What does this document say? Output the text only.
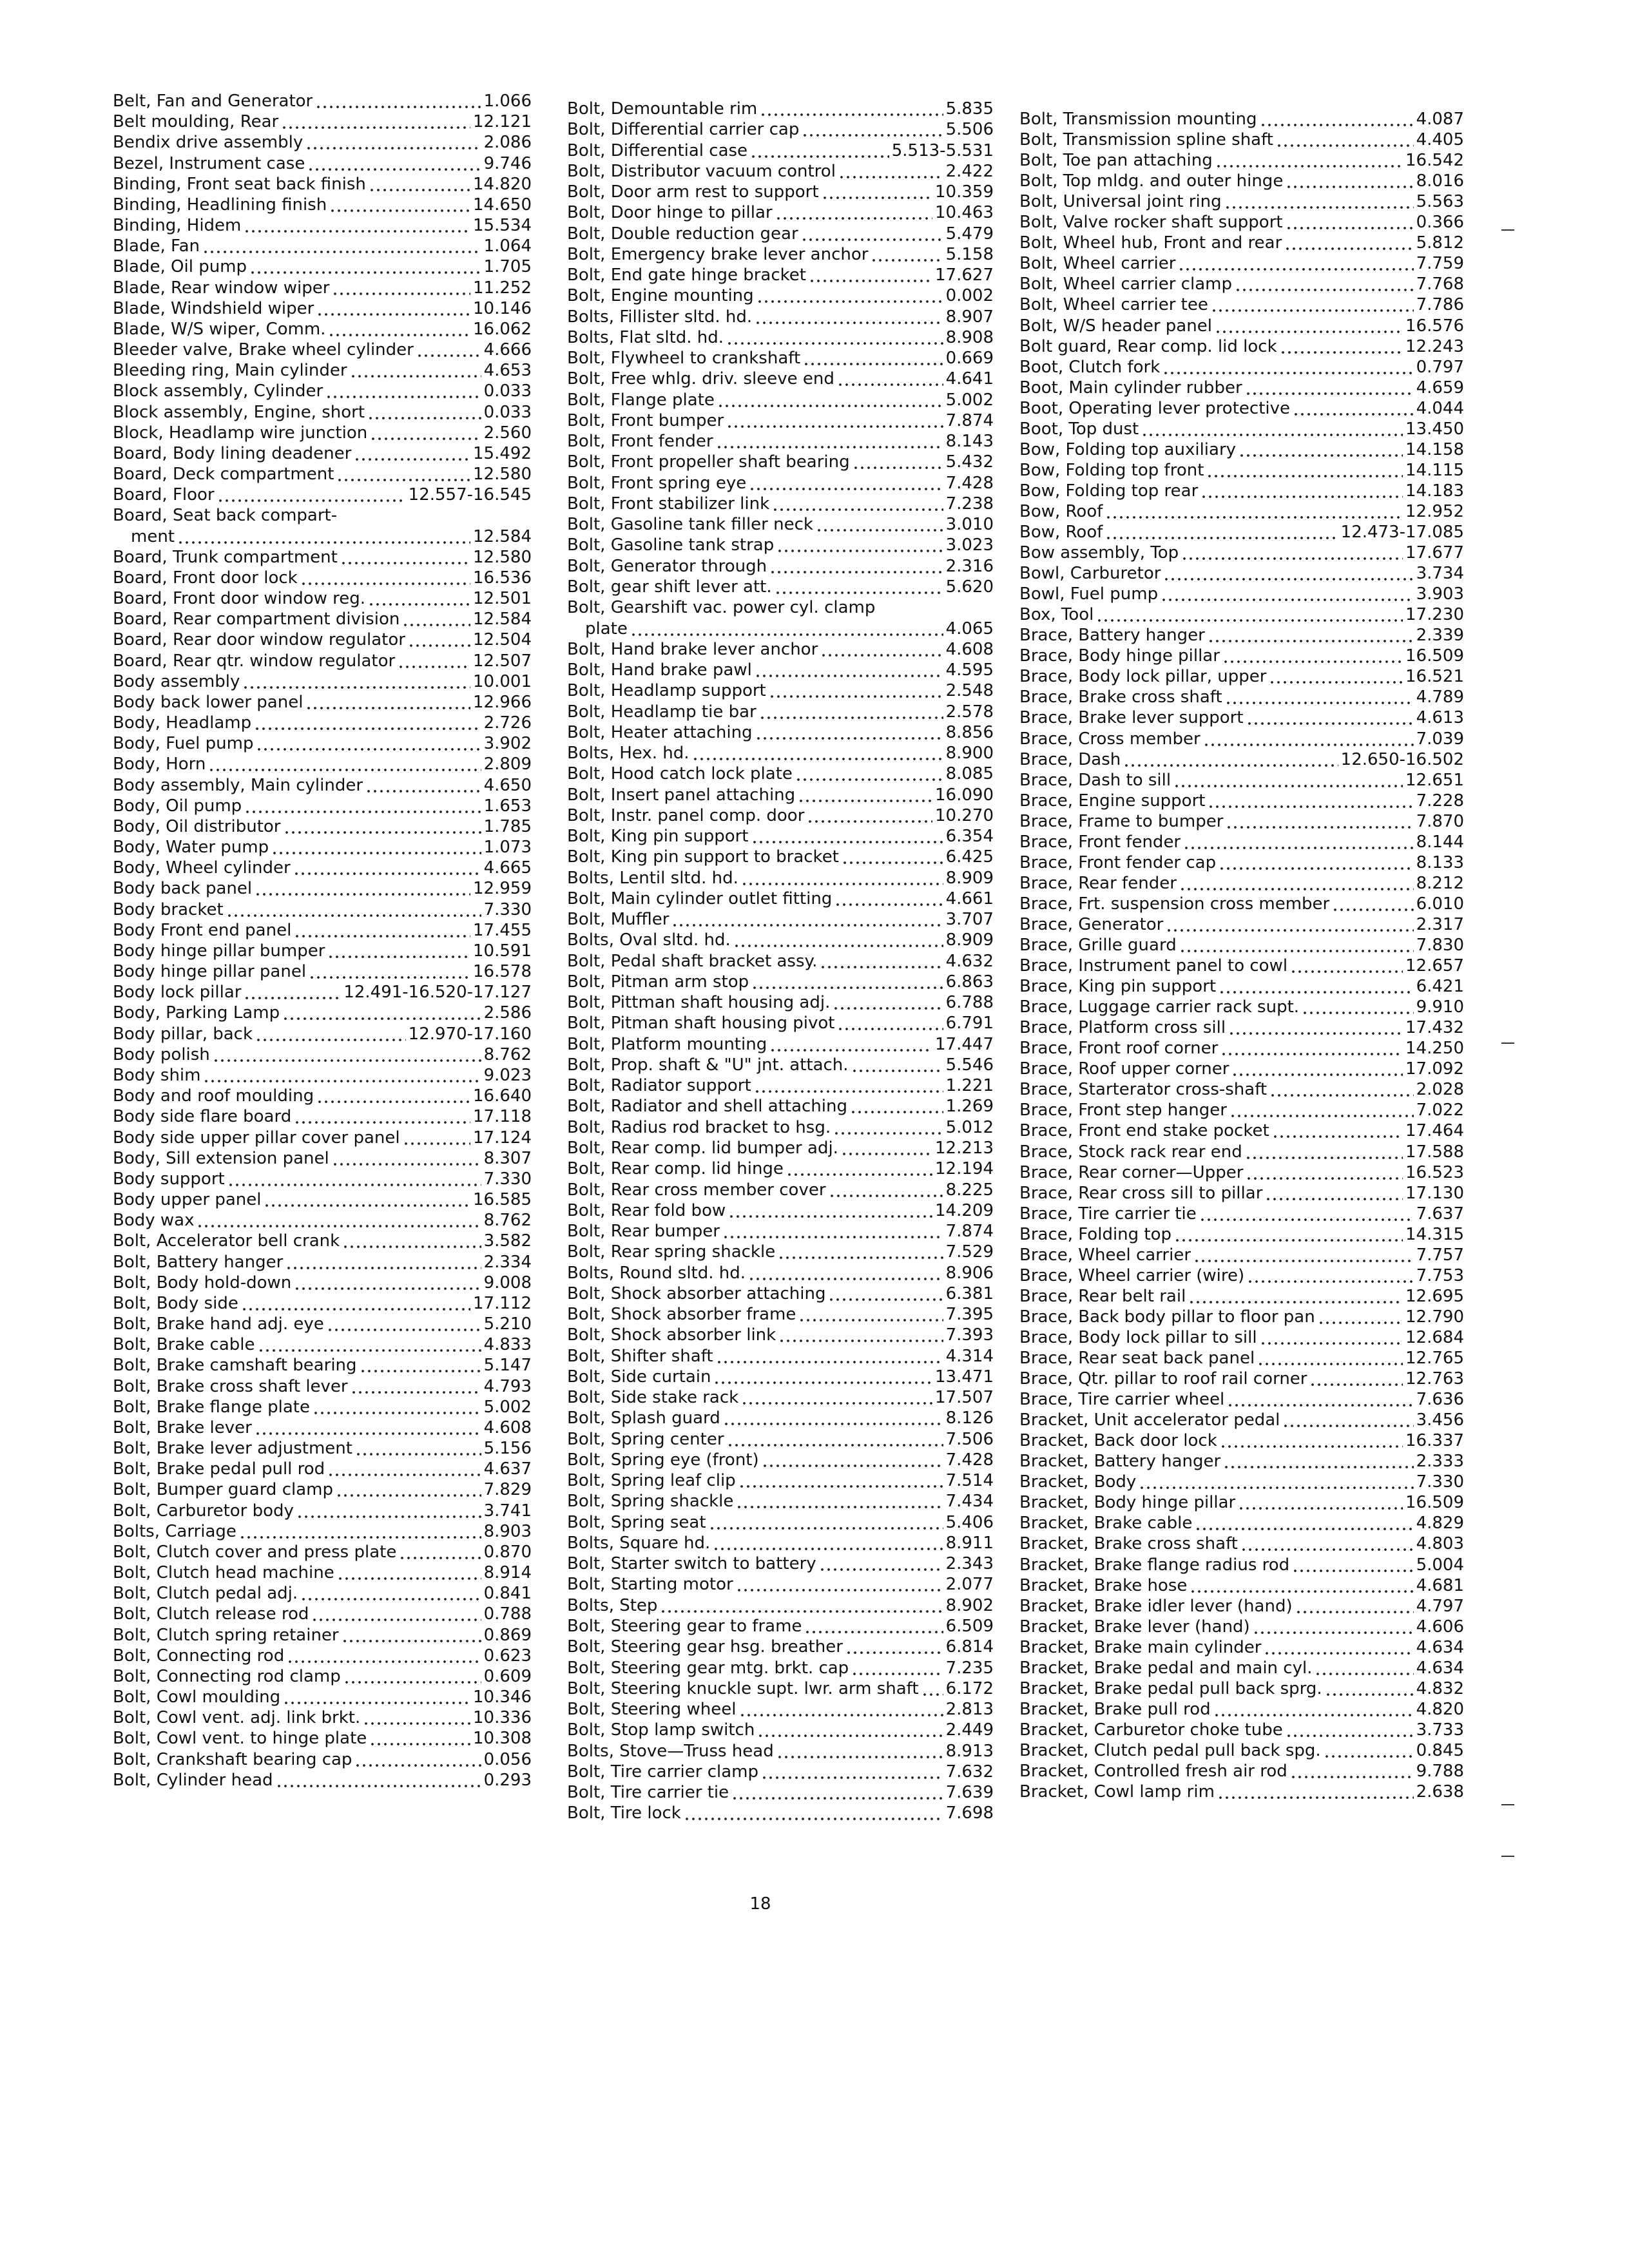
Belt, Fan and Generator	1.066
Belt moulding, Rear	12.121
Bendix drive assembly	2.086
Bezel, Instrument case	9.746
Binding, Front seat back finish	14.820
Binding, Headlining finish	14.650
Binding, Hidem	15.534
Blade, Fan	1.064
Blade, Oil pump	1.705
Blade, Rear window wiper	11.252
Blade, Windshield wiper	10.146
Blade, W/S wiper, Comm.	16.062
Bleeder valve, Brake wheel cylinder	4.666
Bleeding ring, Main cylinder	4.653
Block assembly, Cylinder	0.033
Block assembly, Engine, short	0.033
Block, Headlamp wire junction	2.560
Board, Body lining deadener	15.492
Board, Deck compartment	12.580
Board, Floor	12.557-16.545
Board, Seat back compart-
ment	12.584
Board, Trunk compartment	12.580
Board, Front door lock	16.536
Board, Front door window reg.	12.501
Board, Rear compartment division	12.584
Board, Rear door window regulator	12.504
Board, Rear qtr. window regulator	12.507
Body assembly	10.001
Body back lower panel	12.966
Body, Headlamp	2.726
Body, Fuel pump	3.902
Body, Horn	2.809
Body assembly, Main cylinder	4.650
Body, Oil pump	1.653
Body, Oil distributor	1.785
Body, Water pump	1.073
Body, Wheel cylinder	4.665
Body back panel	12.959
Body bracket	7.330
Body Front end panel	17.455
Body hinge pillar bumper	10.591
Body hinge pillar panel	16.578
Body lock pillar	12.491-16.520-17.127
Body, Parking Lamp	2.586
Body pillar, back	12.970-17.160
Body polish	8.762
Body shim	9.023
Body and roof moulding	16.640
Body side flare board	17.118
Body side upper pillar cover panel	17.124
Body, Sill extension panel	8.307
Body support	7.330
Body upper panel	16.585
Body wax	8.762
Bolt, Accelerator bell crank	3.582
Bolt, Battery hanger	2.334
Bolt, Body hold-down	9.008
Bolt, Body side	17.112
Bolt, Brake hand adj. eye	5.210
Bolt, Brake cable	4.833
Bolt, Brake camshaft bearing	5.147
Bolt, Brake cross shaft lever	4.793
Bolt, Brake flange plate	5.002
Bolt, Brake lever	4.608
Bolt, Brake lever adjustment	5.156
Bolt, Brake pedal pull rod	4.637
Bolt, Bumper guard clamp	7.829
Bolt, Carburetor body	3.741
Bolts, Carriage	8.903
Bolt, Clutch cover and press plate	0.870
Bolt, Clutch head machine	8.914
Bolt, Clutch pedal adj.	0.841
Bolt, Clutch release rod	0.788
Bolt, Clutch spring retainer	0.869
Bolt, Connecting rod	0.623
Bolt, Connecting rod clamp	0.609
Bolt, Cowl moulding	10.346
Bolt, Cowl vent. adj. link brkt.	10.336
Bolt, Cowl vent. to hinge plate	10.308
Bolt, Crankshaft bearing cap	0.056
Bolt, Cylinder head	0.293
Bolt, Demountable rim	5.835
Bolt, Differential carrier cap	5.506
Bolt, Differential case	5.513-5.531
Bolt, Distributor vacuum control	2.422
Bolt, Door arm rest to support	10.359
Bolt, Door hinge to pillar	10.463
Bolt, Double reduction gear	5.479
Bolt, Emergency brake lever anchor	5.158
Bolt, End gate hinge bracket	17.627
Bolt, Engine mounting	0.002
Bolts, Fillister sltd. hd.	8.907
Bolts, Flat sltd. hd.	8.908
Bolt, Flywheel to crankshaft	0.669
Bolt, Free whlg. driv. sleeve end	4.641
Bolt, Flange plate	5.002
Bolt, Front bumper	7.874
Bolt, Front fender	8.143
Bolt, Front propeller shaft bearing	5.432
Bolt, Front spring eye	7.428
Bolt, Front stabilizer link	7.238
Bolt, Gasoline tank filler neck	3.010
Bolt, Gasoline tank strap	3.023
Bolt, Generator through	2.316
Bolt, gear shift lever att.	5.620
Bolt, Gearshift vac. power cyl. clamp
plate	4.065
Bolt, Hand brake lever anchor	4.608
Bolt, Hand brake pawl	4.595
Bolt, Headlamp support	2.548
Bolt, Headlamp tie bar	2.578
Bolt, Heater attaching	8.856
Bolts, Hex. hd.	8.900
Bolt, Hood catch lock plate	8.085
Bolt, Insert panel attaching	16.090
Bolt, Instr. panel comp. door	10.270
Bolt, King pin support	6.354
Bolt, King pin support to bracket	6.425
Bolts, Lentil sltd. hd.	8.909
Bolt, Main cylinder outlet fitting	4.661
Bolt, Muffler	3.707
Bolts, Oval sltd. hd.	8.909
Bolt, Pedal shaft bracket assy.	4.632
Bolt, Pitman arm stop	6.863
Bolt, Pittman shaft housing adj.	6.788
Bolt, Pitman shaft housing pivot	6.791
Bolt, Platform mounting	17.447
Bolt, Prop. shaft & "U" jnt. attach.	5.546
Bolt, Radiator support	1.221
Bolt, Radiator and shell attaching	1.269
Bolt, Radius rod bracket to hsg.	5.012
Bolt, Rear comp. lid bumper adj.	12.213
Bolt, Rear comp. lid hinge	12.194
Bolt, Rear cross member cover	8.225
Bolt, Rear fold bow	14.209
Bolt, Rear bumper	7.874
Bolt, Rear spring shackle	7.529
Bolts, Round sltd. hd.	8.906
Bolt, Shock absorber attaching	6.381
Bolt, Shock absorber frame	7.395
Bolt, Shock absorber link	7.393
Bolt, Shifter shaft	4.314
Bolt, Side curtain	13.471
Bolt, Side stake rack	17.507
Bolt, Splash guard	8.126
Bolt, Spring center	7.506
Bolt, Spring eye (front)	7.428
Bolt, Spring leaf clip	7.514
Bolt, Spring shackle	7.434
Bolt, Spring seat	5.406
Bolts, Square hd.	8.911
Bolt, Starter switch to battery	2.343
Bolt, Starting motor	2.077
Bolts, Step	8.902
Bolt, Steering gear to frame	6.509
Bolt, Steering gear hsg. breather	6.814
Bolt, Steering gear mtg. brkt. cap	7.235
Bolt, Steering knuckle supt. lwr. arm shaft 6.172
Bolt, Steering wheel	2.813
Bolt, Stop lamp switch	2.449
Bolts, Stove—Truss head	8.913
Bolt, Tire carrier clamp	7.632
Bolt, Tire carrier tie	7.639
Bolt, Tire lock	7.698
Bolt, Transmission mounting	4.087
Bolt, Transmission spline shaft	4.405
Bolt, Toe pan attaching	16.542
Bolt, Top mldg. and outer hinge	8.016
Bolt, Universal joint ring	5.563
Bolt, Valve rocker shaft support	0.366
Bolt, Wheel hub, Front and rear	5.812
Bolt, Wheel carrier	7.759
Bolt, Wheel carrier clamp	7.768
Bolt, Wheel carrier tee	7.786
Bolt, W/S header panel	16.576
Bolt guard, Rear comp. lid lock	12.243
Boot, Clutch fork	0.797
Boot, Main cylinder rubber	4.659
Boot, Operating lever protective	4.044
Boot, Top dust	13.450
Bow, Folding top auxiliary	14.158
Bow, Folding top front	14.115
Bow, Folding top rear	14.183
Bow, Roof	12.952
Bow, Roof	12.473-17.085
Bow assembly, Top	17.677
Bowl, Carburetor	3.734
Bowl, Fuel pump	3.903
Box, Tool	17.230
Brace, Battery hanger	2.339
Brace, Body hinge pillar	16.509
Brace, Body lock pillar, upper	16.521
Brace, Brake cross shaft	4.789
Brace, Brake lever support	4.613
Brace, Cross member	7.039
Brace, Dash	12.650-16.502
Brace, Dash to sill	12.651
Brace, Engine support	7.228
Brace, Frame to bumper	7.870
Brace, Front fender	8.144
Brace, Front fender cap	8.133
Brace, Rear fender	8.212
Brace, Frt. suspension cross member	6.010
Brace, Generator	2.317
Brace, Grille guard	7.830
Brace, Instrument panel to cowl	12.657
Brace, King pin support	6.421
Brace, Luggage carrier rack supt.	9.910
Brace, Platform cross sill	17.432
Brace, Front roof corner	14.250
Brace, Roof upper corner	17.092
Brace, Starterator cross-shaft	2.028
Brace, Front step hanger	7.022
Brace, Front end stake pocket	17.464
Brace, Stock rack rear end	17.588
Brace, Rear corner—Upper	16.523
Brace, Rear cross sill to pillar	17.130
Brace, Tire carrier tie	7.637
Brace, Folding top	14.315
Brace, Wheel carrier	7.757
Brace, Wheel carrier (wire)	7.753
Brace, Rear belt rail	12.695
Brace, Back body pillar to floor pan	12.790
Brace, Body lock pillar to sill	12.684
Brace, Rear seat back panel	12.765
Brace, Qtr. pillar to roof rail corner	12.763
Brace, Tire carrier wheel	7.636
Bracket, Unit accelerator pedal	3.456
Bracket, Back door lock	16.337
Bracket, Battery hanger	2.333
Bracket, Body	7.330
Bracket, Body hinge pillar	16.509
Bracket, Brake cable	4.829
Bracket, Brake cross shaft	4.803
Bracket, Brake flange radius rod	5.004
Bracket, Brake hose	4.681
Bracket, Brake idler lever (hand)	4.797
Bracket, Brake lever (hand)	4.606
Bracket, Brake main cylinder	4.634
Bracket, Brake pedal and main cyl.	4.634
Bracket, Brake pedal pull back sprg.	4.832
Bracket, Brake pull rod	4.820
Bracket, Carburetor choke tube	3.733
Bracket, Clutch pedal pull back spg.	0.845
Bracket, Controlled fresh air rod	9.788
Bracket, Cowl lamp rim	2.638
18
